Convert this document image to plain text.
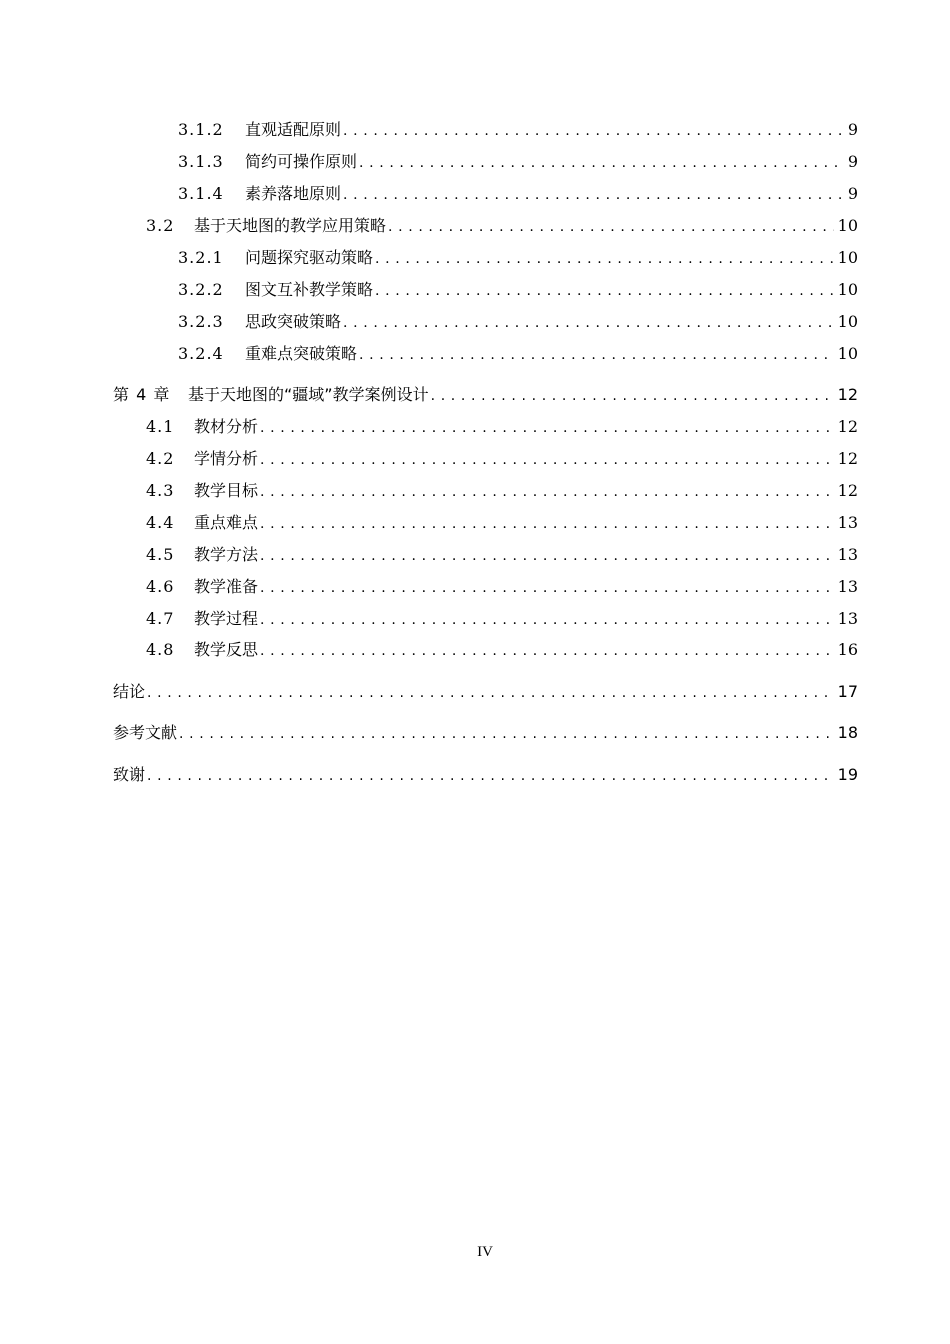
3.1.2	直观适配原则 . . .	9
3.1.3	简约可操作原则 . . .	9
3.1.4	素养落地原则 . . .	9
3.2	基于天地图的教学应用策略 . . .	10
3.2.1	问题探究驱动策略 . . .	10
3.2.2	图文互补教学策略 . . .	10
3.2.3	思政突破策略 . . .	10
3.2.4	重难点突破策略 . . .	10
第 4 章	基于天地图的“疆域”教学案例设计 . . .	12
4.1	教材分析 . . .	12
4.2	学情分析 . . .	12
4.3	教学目标 . . .	12
4.4	重点难点 . . .	13
4.5	教学方法 . . .	13
4.6	教学准备 . . .	13
4.7	教学过程 . . .	13
4.8	教学反思 . . .	16
结论 . . .	17
参考文献 . . .	18
致谢 . . .	19
IV
